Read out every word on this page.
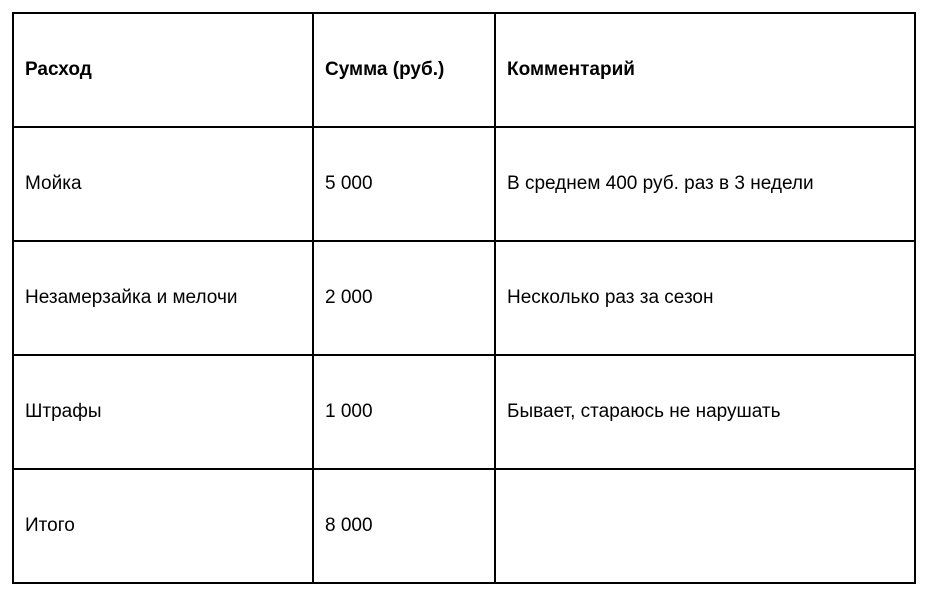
Расход	Сумма (руб.)	Комментарий
Мойка	5 000	В среднем 400 руб. раз в 3 недели
Незамерзайка и мелочи	2 000	Несколько раз за сезон
Штрафы	1 000	Бывает, стараюсь не нарушать
Итого	8 000	
